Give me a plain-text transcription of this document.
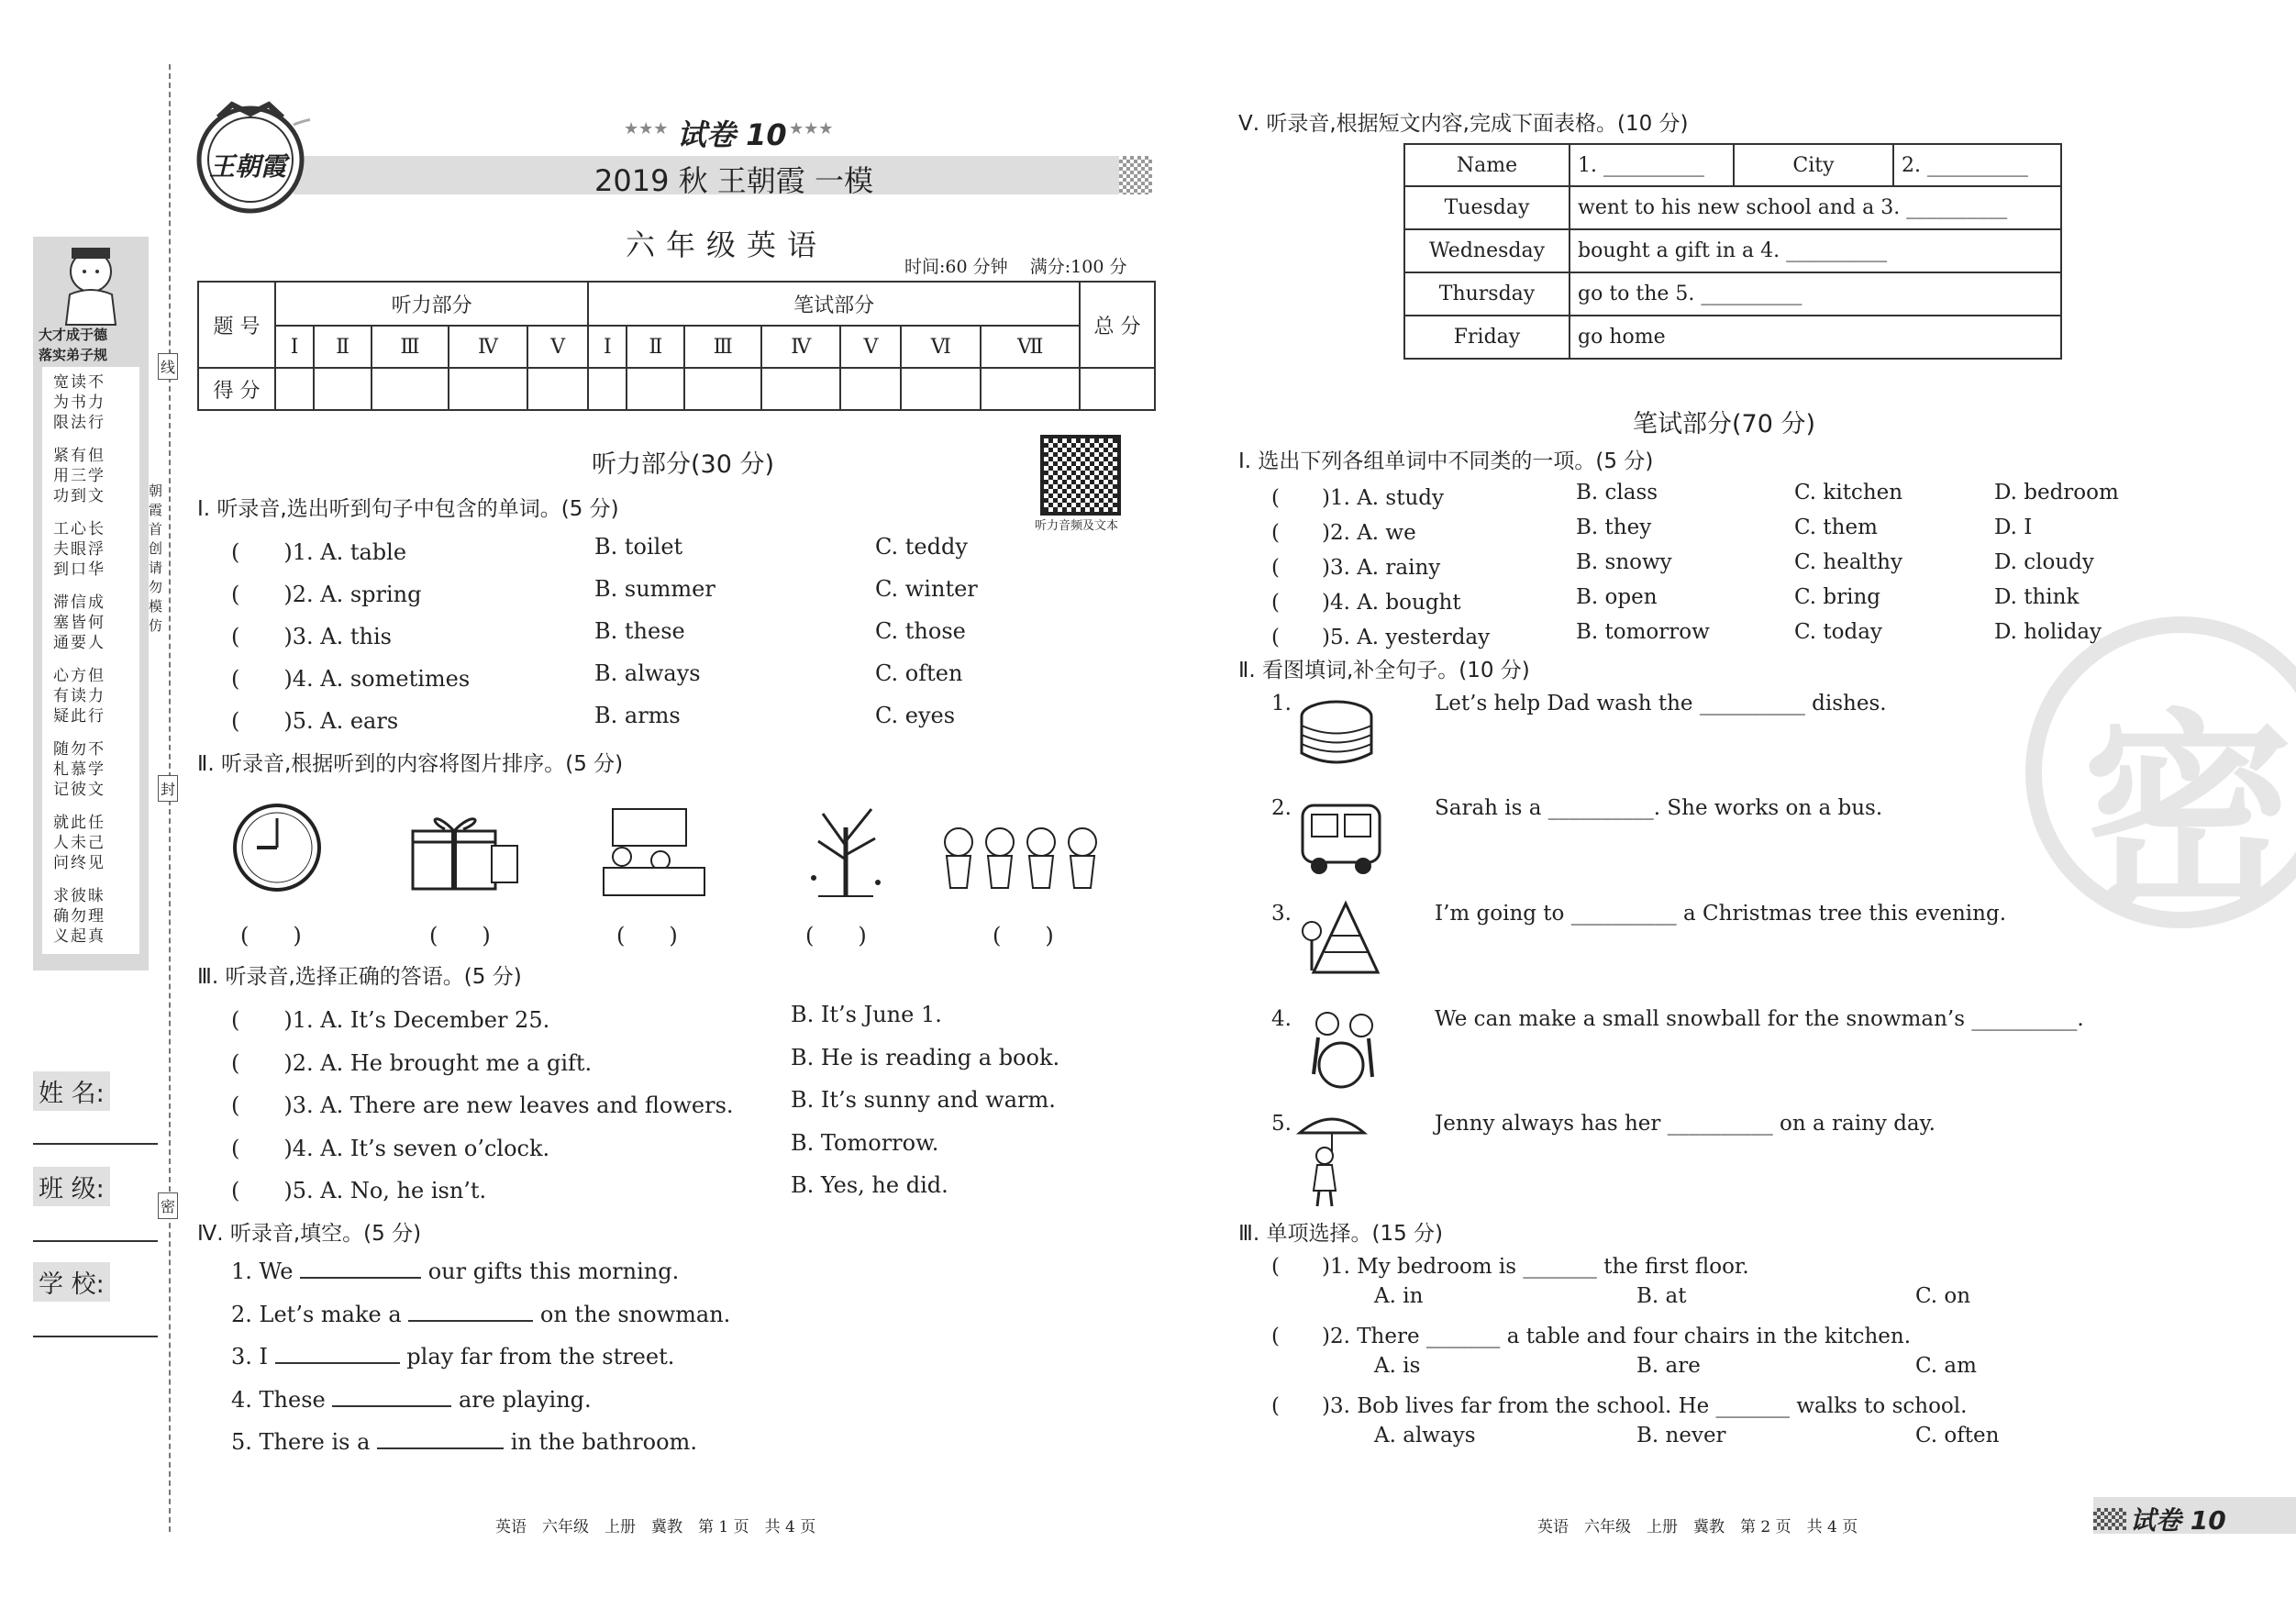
大才成于德
落实弟子规
宽读不
为书力
限法行
紧有但
用三学
功到文
工心长
夫眼浮
到口华
滞信成
塞皆何
通要人
心方但
有读力
疑此行
随勿不
札慕学
记彼文
就此任
人未己
问终见
求彼昧
确勿理
义起真
线
朝霞首创 请勿模仿
封
密
姓 名:
班 级:
学 校:
王朝霞
★★★ 试卷 10 ★★★
2019 秋 王朝霞 一模
六年级英语
时间:60 分钟    满分:100 分
题 号	听力部分					笔试部分							总 分
	Ⅰ	Ⅱ	Ⅲ	Ⅳ	Ⅴ	Ⅰ	Ⅱ	Ⅲ	Ⅳ	Ⅴ	Ⅵ	Ⅶ	
得 分													
听力部分(30 分)
听力音频及文本
Ⅰ. 听录音,选出听到句子中包含的单词。(5 分)
(　　)1. A. table	B. toilet	C. teddy
(　　)2. A. spring	B. summer	C. winter
(　　)3. A. this	B. these	C. those
(　　)4. A. sometimes	B. always	C. often
(　　)5. A. ears	B. arms	C. eyes
Ⅱ. 听录音,根据听到的内容将图片排序。(5 分)
(　　)	(　　)	(　　)	(　　)	(　　)
Ⅲ. 听录音,选择正确的答语。(5 分)
(　　)1. A. It’s December 25.	B. It’s June 1.
(　　)2. A. He brought me a gift.	B. He is reading a book.
(　　)3. A. There are new leaves and flowers.	B. It’s sunny and warm.
(　　)4. A. It’s seven o’clock.	B. Tomorrow.
(　　)5. A. No, he isn’t.	B. Yes, he did.
Ⅳ. 听录音,填空。(5 分)
1. We	our gifts this morning.
2. Let’s make a	on the snowman.
3. I	play far from the street.
4. These	are playing.
5. There is a	in the bathroom.
英语　六年级　上册　冀教　第 1 页　共 4 页
Ⅴ. 听录音,根据短文内容,完成下面表格。(10 分)
Name	1. __________	City	2. __________
Tuesday	went to his new school and a 3. __________		
Wednesday	bought a gift in a 4. __________		
Thursday	go to the 5. __________		
Friday	go home		
密
笔试部分(70 分)
Ⅰ. 选出下列各组单词中不同类的一项。(5 分)
(　　)1. A. study	B. class	C. kitchen	D. bedroom
(　　)2. A. we	B. they	C. them	D. I
(　　)3. A. rainy	B. snowy	C. healthy	D. cloudy
(　　)4. A. bought	B. open	C. bring	D. think
(　　)5. A. yesterday	B. tomorrow	C. today	D. holiday
Ⅱ. 看图填词,补全句子。(10 分)
1.	Let’s help Dad wash the __________ dishes.
2.	Sarah is a __________. She works on a bus.
3.	I’m going to __________ a Christmas tree this evening.
4.	We can make a small snowball for the snowman’s __________.
5.	Jenny always has her __________ on a rainy day.
Ⅲ. 单项选择。(15 分)
(　　)1. My bedroom is _______ the first floor.
A. in	B. at	C. on
(　　)2. There _______ a table and four chairs in the kitchen.
A. is	B. are	C. am
(　　)3. Bob lives far from the school. He _______ walks to school.
A. always	B. never	C. often
英语　六年级　上册　冀教　第 2 页　共 4 页	试卷 10
